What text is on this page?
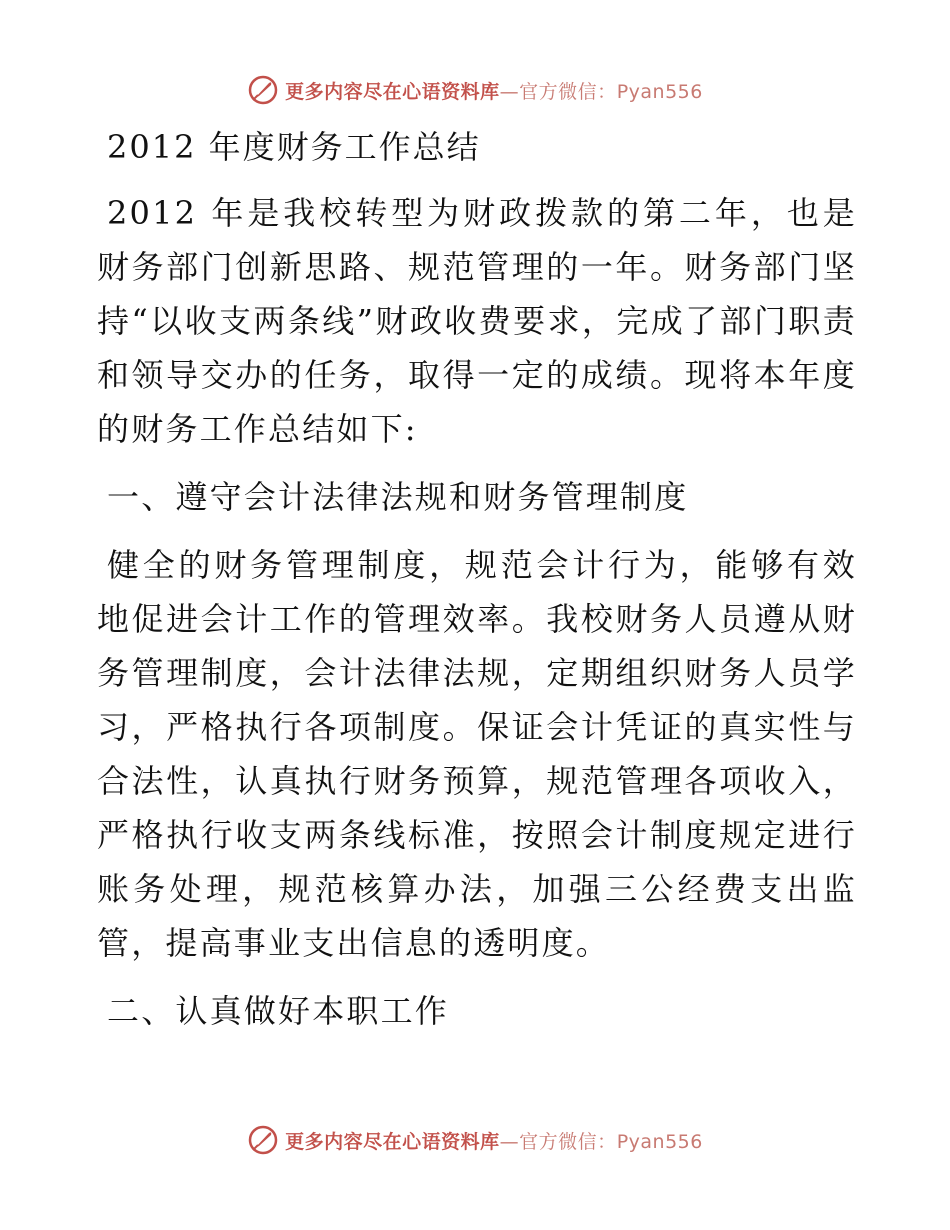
更多内容尽在心语资料库—官方微信：Pyan556
2012 年度财务工作总结

2012 年是我校转型为财政拨款的第二年，也是财务部门创新思路、规范管理的一年。财务部门坚持“以收支两条线”财政收费要求，完成了部门职责和领导交办的任务，取得一定的成绩。现将本年度的财务工作总结如下:

一、遵守会计法律法规和财务管理制度

健全的财务管理制度，规范会计行为，能够有效地促进会计工作的管理效率。我校财务人员遵从财务管理制度，会计法律法规，定期组织财务人员学习，严格执行各项制度。保证会计凭证的真实性与合法性，认真执行财务预算，规范管理各项收入，严格执行收支两条线标准，按照会计制度规定进行账务处理，规范核算办法，加强三公经费支出监管，提高事业支出信息的透明度。

二、认真做好本职工作
更多内容尽在心语资料库—官方微信：Pyan556
